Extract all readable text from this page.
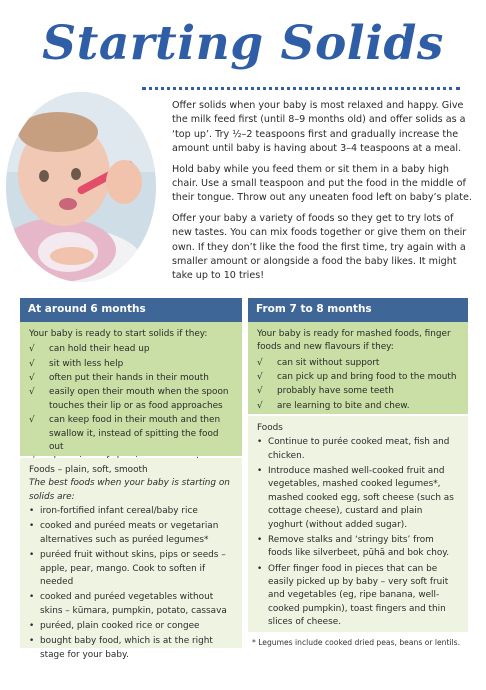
Starting Solids

Offer solids when your baby is most relaxed and happy. Give the milk feed first (until 8–9 months old) and offer solids as a ‘top up’. Try ½–2 teaspoons first and gradually increase the amount until baby is having about 3–4 teaspoons at a meal.

Hold baby while you feed them or sit them in a baby high chair. Use a small teaspoon and put the food in the middle of their tongue. Throw out any uneaten food left on baby’s plate.

Offer your baby a variety of foods so they get to try lots of new tastes. You can mix foods together or give them on their own. If they don’t like the food the first time, try again with a smaller amount or alongside a food the baby likes. It might take up to 10 tries!

At around 6 months
Your baby is ready to start solids if they:
√ can hold their head up
√ sit with less help
√ often put their hands in their mouth
√ easily open their mouth when the spoon touches their lip or as food approaches
√ can keep food in their mouth and then swallow it, instead of spitting the food out
Foods – plain, soft, smooth
The best foods when your baby is starting on solids are:
• iron-fortified infant cereal/baby rice
• cooked and puréed meats or vegetarian alternatives such as puréed legumes*
• puréed fruit without skins, pips or seeds – apple, pear, mango. Cook to soften if needed
• cooked and puréed vegetables without skins – kūmara, pumpkin, potato, cassava
• puréed, plain cooked rice or congee
• bought baby food, which is at the right stage for your baby.
From 7 to 8 months
Your baby is ready for mashed foods, finger foods and new flavours if they:
√ can sit without support
√ can pick up and bring food to the mouth
√ probably have some teeth
√ are learning to bite and chew.
Foods
• Continue to purée cooked meat, fish and chicken.
• Introduce mashed well-cooked fruit and vegetables, mashed cooked legumes*, mashed cooked egg, soft cheese (such as cottage cheese), custard and plain yoghurt (without added sugar).
• Remove stalks and ‘stringy bits’ from foods like silverbeet, pūhā and bok choy.
• Offer finger food in pieces that can be easily picked up by baby – very soft fruit and vegetables (eg, ripe banana, well-cooked pumpkin), toast fingers and thin slices of cheese.
* Legumes include cooked dried peas, beans or lentils.
